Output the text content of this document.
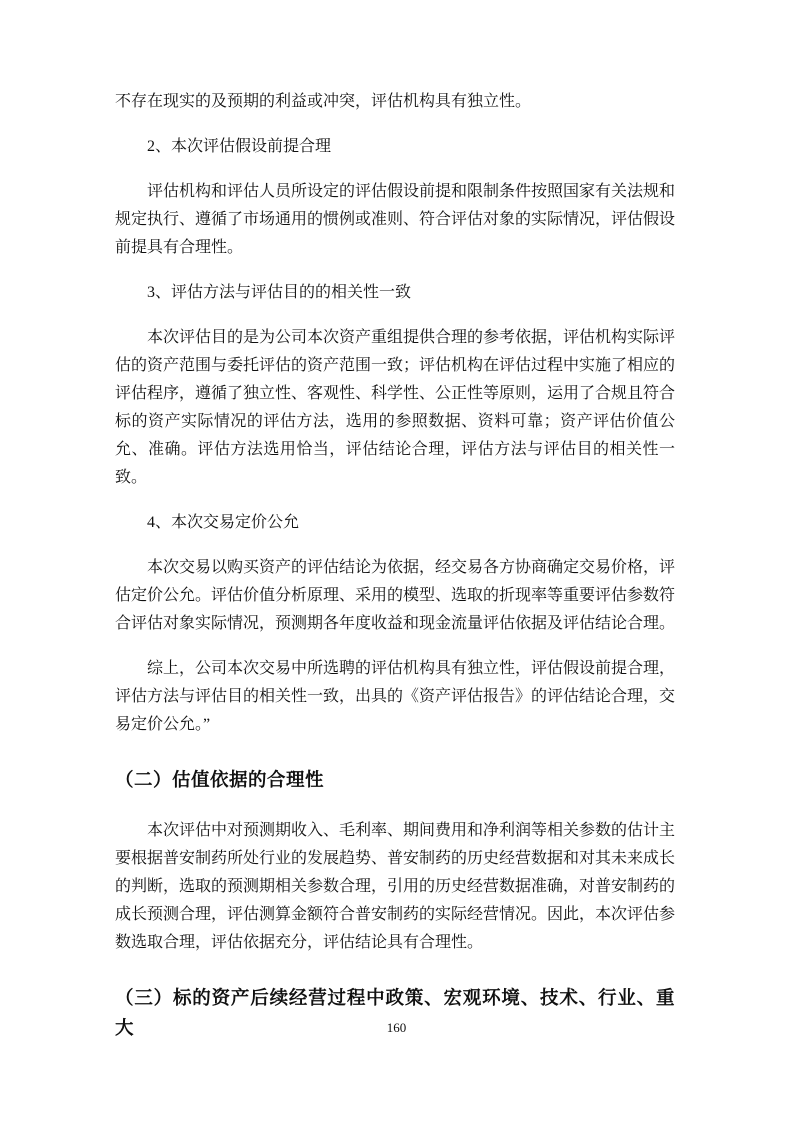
不存在现实的及预期的利益或冲突，评估机构具有独立性。

2、本次评估假设前提合理

评估机构和评估人员所设定的评估假设前提和限制条件按照国家有关法规和规定执行、遵循了市场通用的惯例或准则、符合评估对象的实际情况，评估假设前提具有合理性。

3、评估方法与评估目的的相关性一致

本次评估目的是为公司本次资产重组提供合理的参考依据，评估机构实际评估的资产范围与委托评估的资产范围一致；评估机构在评估过程中实施了相应的评估程序，遵循了独立性、客观性、科学性、公正性等原则，运用了合规且符合标的资产实际情况的评估方法，选用的参照数据、资料可靠；资产评估价值公允、准确。评估方法选用恰当，评估结论合理，评估方法与评估目的相关性一致。

4、本次交易定价公允

本次交易以购买资产的评估结论为依据，经交易各方协商确定交易价格，评估定价公允。评估价值分析原理、采用的模型、选取的折现率等重要评估参数符合评估对象实际情况，预测期各年度收益和现金流量评估依据及评估结论合理。

综上，公司本次交易中所选聘的评估机构具有独立性，评估假设前提合理，评估方法与评估目的相关性一致，出具的《资产评估报告》的评估结论合理，交易定价公允。”

（二）估值依据的合理性

本次评估中对预测期收入、毛利率、期间费用和净利润等相关参数的估计主要根据普安制药所处行业的发展趋势、普安制药的历史经营数据和对其未来成长的判断，选取的预测期相关参数合理，引用的历史经营数据准确，对普安制药的成长预测合理，评估测算金额符合普安制药的实际经营情况。因此，本次评估参数选取合理，评估依据充分，评估结论具有合理性。

（三）标的资产后续经营过程中政策、宏观环境、技术、行业、重大	160
